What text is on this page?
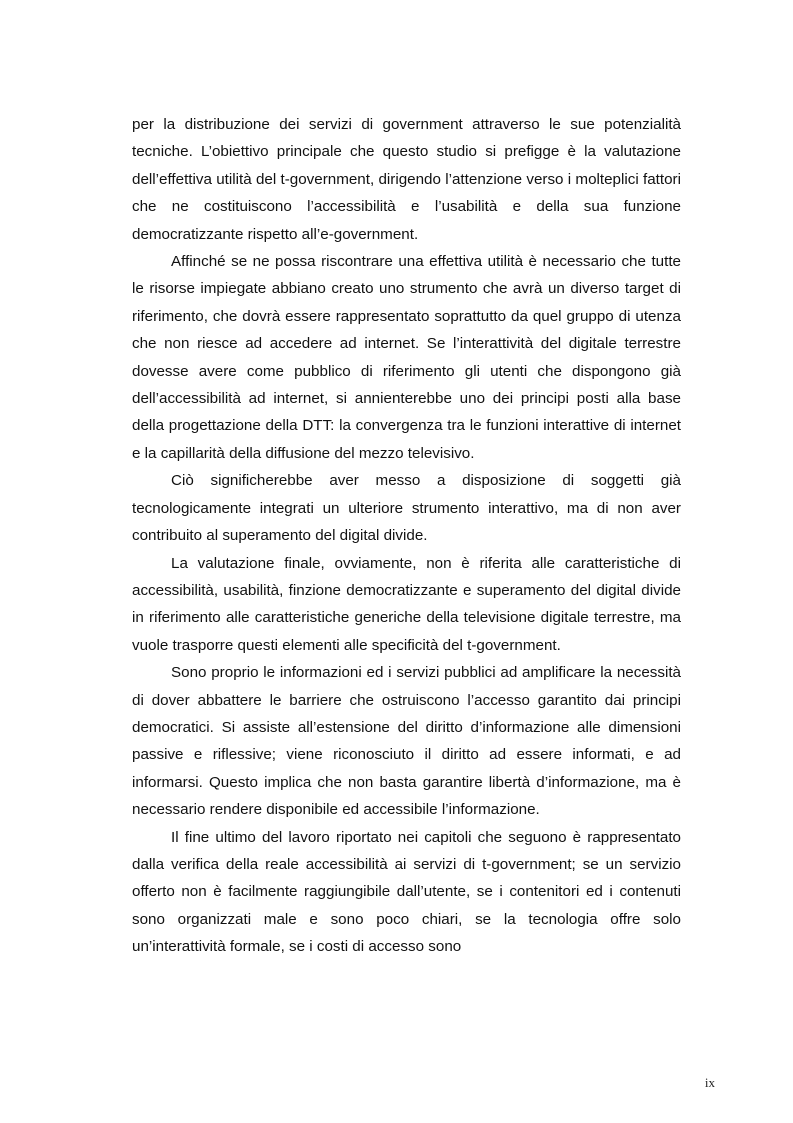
per la distribuzione dei servizi di government attraverso le sue potenzialità tecniche. L’obiettivo principale che questo studio si prefigge è la valutazione dell’effettiva utilità del t-government, dirigendo l’attenzione verso i molteplici fattori che ne costituiscono l’accessibilità e l’usabilità e della sua funzione democratizzante rispetto all’e-government.

Affinché se ne possa riscontrare una effettiva utilità è necessario che tutte le risorse impiegate abbiano creato uno strumento che avrà un diverso target di riferimento, che dovrà essere rappresentato soprattutto da quel gruppo di utenza che non riesce ad accedere ad internet. Se l’interattività del digitale terrestre dovesse avere come pubblico di riferimento gli utenti che dispongono già dell’accessibilità ad internet, si annienterebbe uno dei principi posti alla base della progettazione della DTT: la convergenza tra le funzioni interattive di internet e la capillarità della diffusione del mezzo televisivo.

Ciò significherebbe aver messo a disposizione di soggetti già tecnologicamente integrati un ulteriore strumento interattivo, ma di non aver contribuito al superamento del digital divide.

La valutazione finale, ovviamente, non è riferita alle caratteristiche di accessibilità, usabilità, finzione democratizzante e superamento del digital divide in riferimento alle caratteristiche generiche della televisione digitale terrestre, ma vuole trasporre questi elementi alle specificità del t-government.

Sono proprio le informazioni ed i servizi pubblici ad amplificare la necessità di dover abbattere le barriere che ostruiscono l’accesso garantito dai principi democratici. Si assiste all’estensione del diritto d’informazione alle dimensioni passive e riflessive; viene riconosciuto il diritto ad essere informati, e ad informarsi. Questo implica che non basta garantire libertà d’informazione, ma è necessario rendere disponibile ed accessibile l’informazione.

Il fine ultimo del lavoro riportato nei capitoli che seguono è rappresentato dalla verifica della reale accessibilità ai servizi di t-government; se un servizio offerto non è facilmente raggiungibile dall’utente, se i contenitori ed i contenuti sono organizzati male e sono poco chiari, se la tecnologia offre solo un’interattività formale, se i costi di accesso sono

ix
